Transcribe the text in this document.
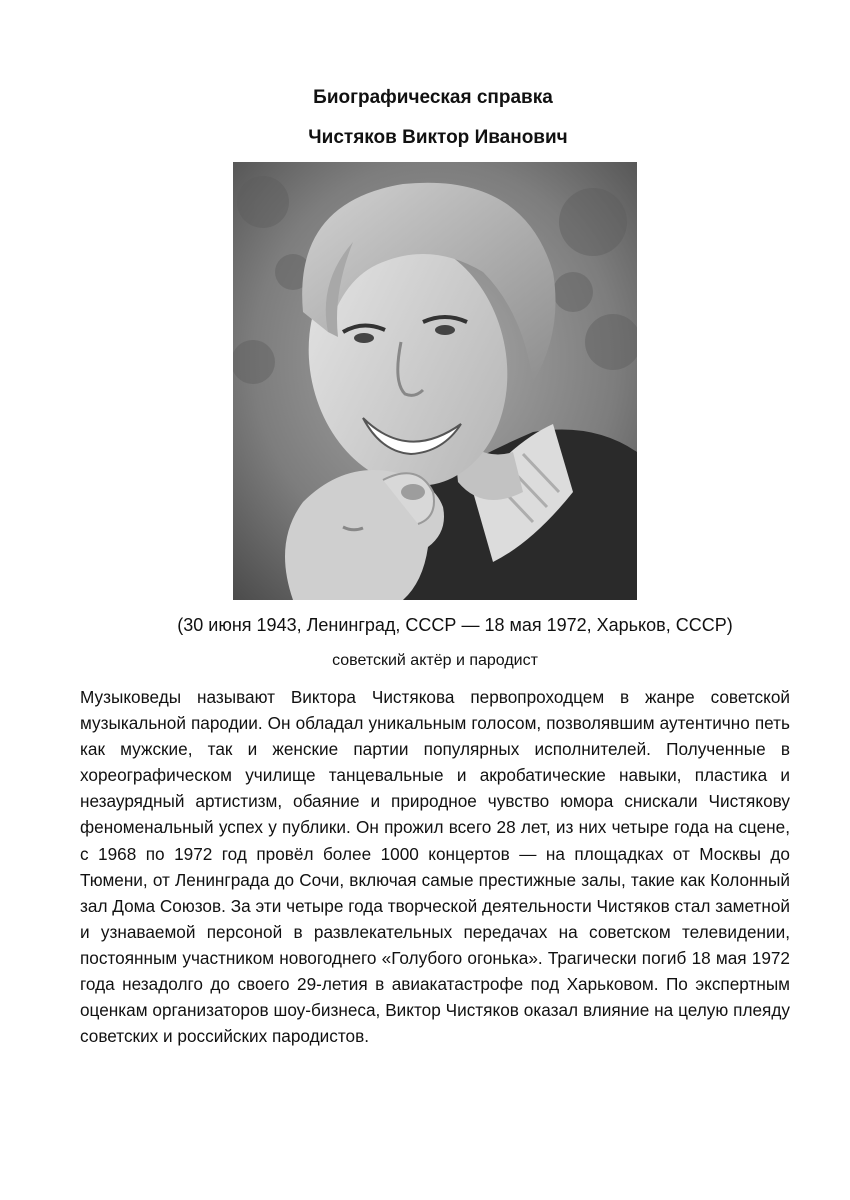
Биографическая справка
Чистяков Виктор Иванович

(30 июня 1943, Ленинград, СССР — 18 мая 1972, Харьков, СССР)

советский актёр и пародист

Музыковеды называют Виктора Чистякова первопроходцем в жанре советской музыкальной пародии. Он обладал уникальным голосом, позволявшим аутентично петь как мужские, так и женские партии популярных исполнителей. Полученные в хореографическом училище танцевальные и акробатические навыки, пластика и незаурядный артистизм, обаяние и природное чувство юмора снискали Чистякову феноменальный успех у публики. Он прожил всего 28 лет, из них четыре года на сцене, с 1968 по 1972 год провёл более 1000 концертов — на площадках от Москвы до Тюмени, от Ленинграда до Сочи, включая самые престижные залы, такие как Колонный зал Дома Союзов. За эти четыре года творческой деятельности Чистяков стал заметной и узнаваемой персоной в развлекательных передачах на советском телевидении, постоянным участником новогоднего «Голубого огонька». Трагически погиб 18 мая 1972 года незадолго до своего 29-летия в авиакатастрофе под Харьковом. По экспертным оценкам организаторов шоу-бизнеса, Виктор Чистяков оказал влияние на целую плеяду советских и российских пародистов.
